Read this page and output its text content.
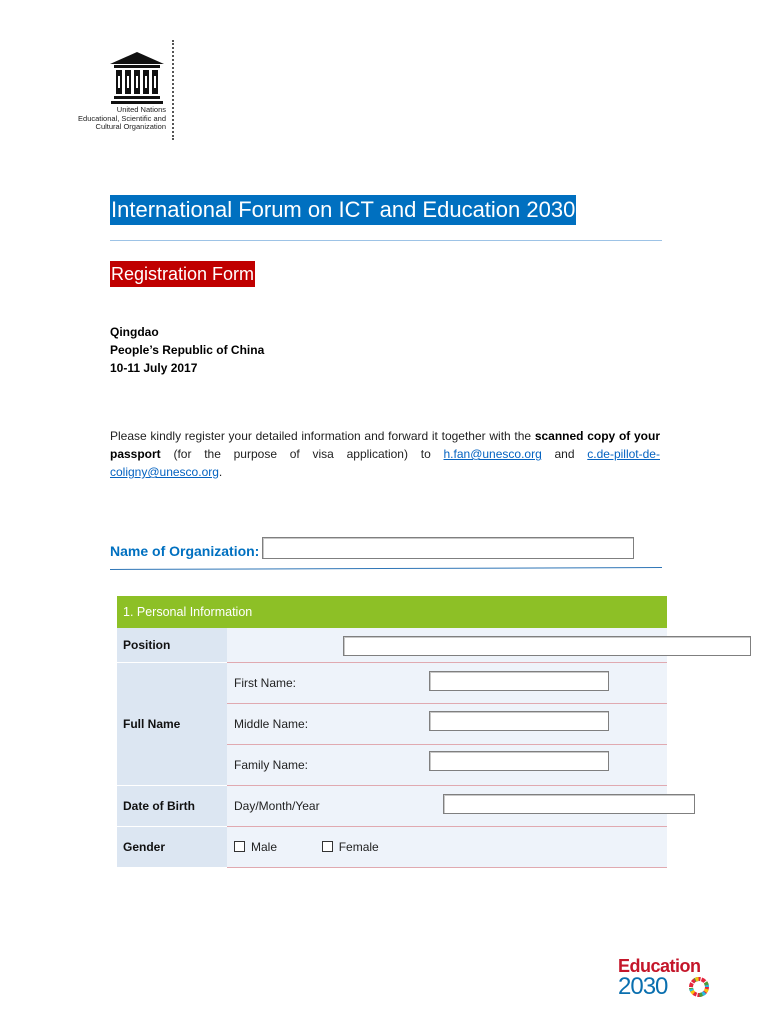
United Nations
Educational, Scientific and
Cultural Organization
International Forum on ICT and Education 2030
Registration Form
Qingdao
People’s Republic of China
10-11 July 2017
Please kindly register your detailed information and forward it together with the scanned copy of your passport (for the purpose of visa application) to h.fan@unesco.org and c.de-pillot-de-coligny@unesco.org.
Name of Organization:
1. Personal Information	
Position	

Full Name	First Name:

	Middle Name:

	Family Name:

Date of Birth	Day/Month/Year

Gender	Male Female
Education
2030
